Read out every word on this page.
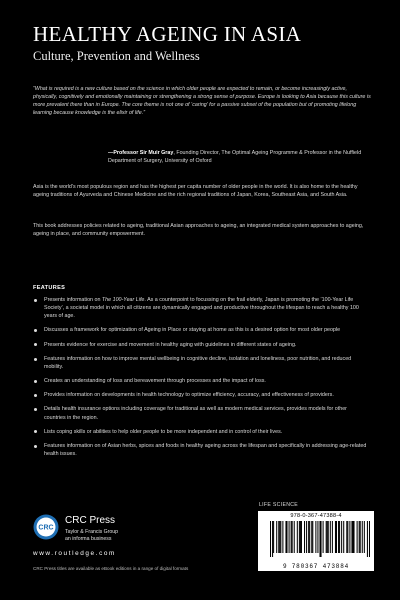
HEALTHY AGEING IN ASIA
Culture, Prevention and Wellness
“What is required is a new culture based on the science in which older people are expected to remain, or become increasingly active, physically, cognitively and emotionally maintaining or strengthening a strong sense of purpose. Europe is looking to Asia because this culture is more prevalent there than in Europe. The core theme is not one of ‘caring’ for a passive subset of the population but of promoting lifelong learning because knowledge is the elixir of life.”
—Professor Sir Muir Gray, Founding Director, The Optimal Ageing Programme & Professor in the Nuffield Department of Surgery, University of Oxford
Asia is the world’s most populous region and has the highest per capita number of older people in the world. It is also home to the healthy ageing traditions of Ayurveda and Chinese Medicine and the rich regional traditions of Japan, Korea, Southeast Asia, and South Asia.
This book addresses policies related to ageing, traditional Asian approaches to ageing, an integrated medical system approaches to ageing, ageing in place, and community empowerment.
FEATURES
Presents information on The 100-Year Life. As a counterpoint to focussing on the frail elderly, Japan is promoting the ‘100-Year Life Society’, a societal model in which all citizens are dynamically engaged and productive throughout the lifespan to reach a healthy 100 years of age.
Discusses a framework for optimization of Ageing in Place or staying at home as this is a desired option for most older people
Presents evidence for exercise and movement in healthy aging with guidelines in different states of ageing.
Features information on how to improve mental wellbeing in cognitive decline, isolation and loneliness, poor nutrition, and reduced mobility.
Creates an understanding of loss and bereavement through processes and the impact of loss.
Provides information on developments in health technology to optimize efficiency, accuracy, and effectiveness of providers.
Details health insurance options including coverage for traditional as well as modern medical services, provides models for other countries in the region.
Lists coping skills or abilities to help older people to be more independent and in control of their lives.
Features information on of Asian herbs, spices and foods in healthy ageing across the lifespan and specifically in addressing age-related health issues.
LIFE SCIENCE
978-0-367-47388-4
9 780367 473884
CRC
CRC Press
Taylor & Francis Group
an informa business
www.routledge.com
CRC Press titles are available as eBook editions in a range of digital formats
